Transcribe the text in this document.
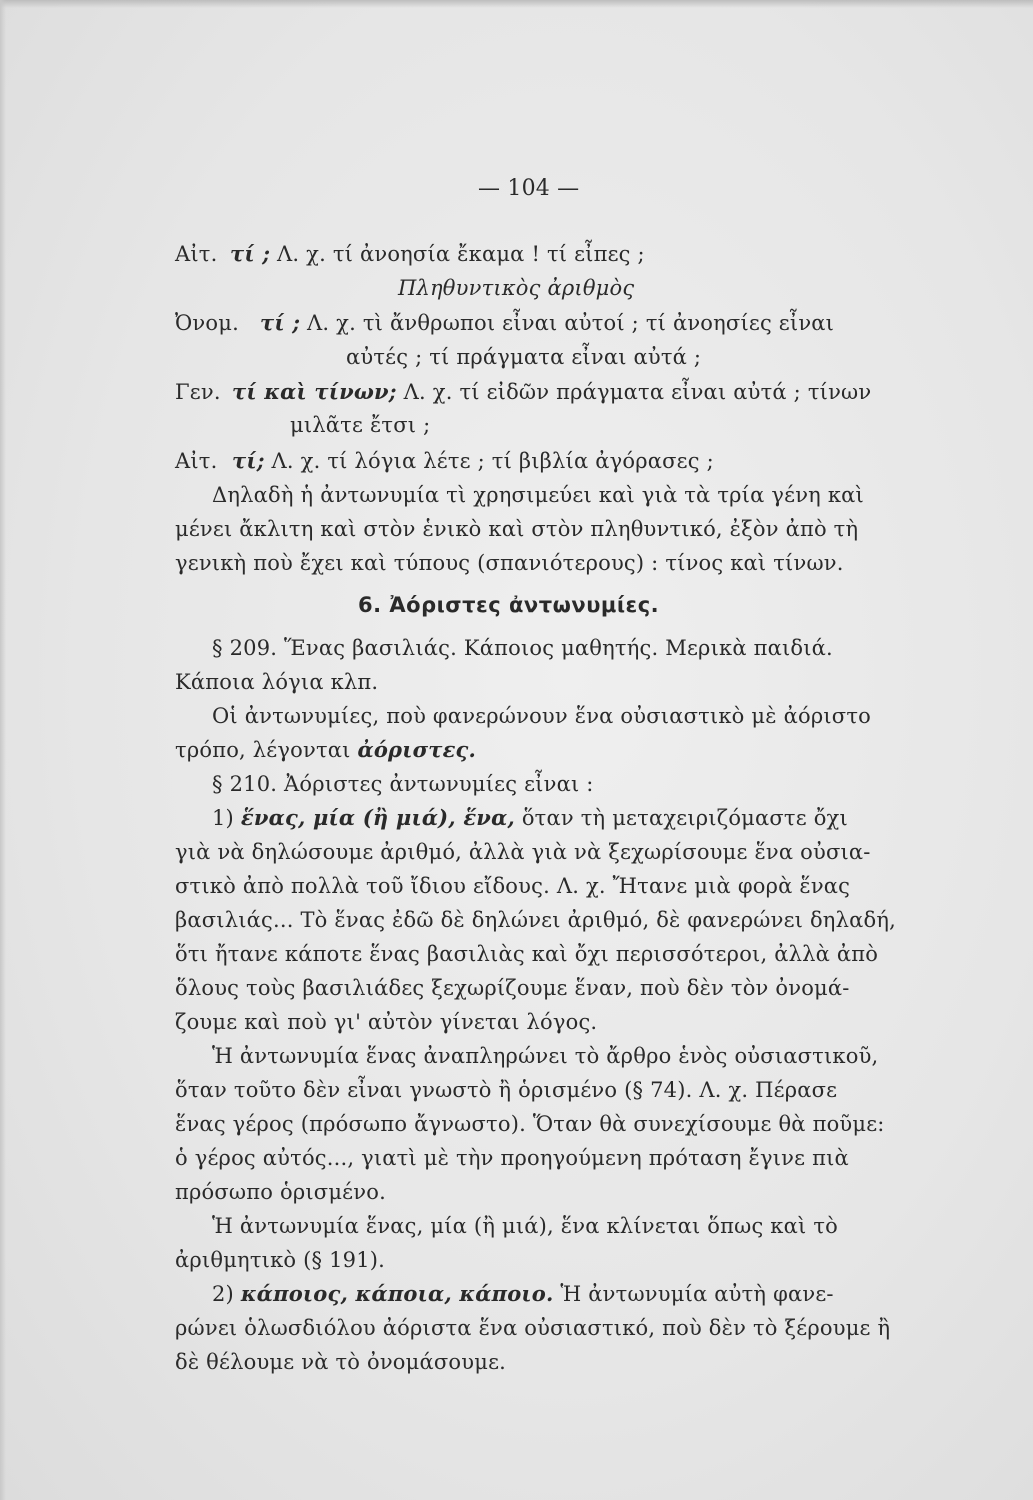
— 104 —
Αἰτ. τί ; Λ. χ. τί ἀνοησία ἔκαμα ! τί εἶπες ;
Πληθυντικὸς ἀριθμὸς
Ὀνομ. τί ; Λ. χ. τὶ ἄνθρωποι εἶναι αὐτοί ; τί ἀνοησίες εἶναι
αὐτές ; τί πράγματα εἶναι αὐτά ;
Γεν. τί καὶ τίνων; Λ. χ. τί εἰδῶν πράγματα εἶναι αὐτά ; τίνων
μιλᾶτε ἔτσι ;
Αἰτ. τί; Λ. χ. τί λόγια λέτε ; τί βιβλία ἀγόρασες ;
Δηλαδὴ ἡ ἀντωνυμία τὶ χρησιμεύει καὶ γιὰ τὰ τρία γένη καὶ
μένει ἄκλιτη καὶ στὸν ἑνικὸ καὶ στὸν πληθυντικό, ἐξὸν ἀπὸ τὴ
γενικὴ ποὺ ἔχει καὶ τύπους (σπανιότερους) : τίνος καὶ τίνων.
6. Ἀόριστες ἀντωνυμίες.
§ 209. Ἕνας βασιλιάς. Κάποιος μαθητής. Μερικὰ παιδιά.
Κάποια λόγια κλπ.
Οἱ ἀντωνυμίες, ποὺ φανερώνουν ἕνα οὐσιαστικὸ μὲ ἀόριστο
τρόπο, λέγονται ἀόριστες.
§ 210. Ἀόριστες ἀντωνυμίες εἶναι :
1) ἕνας, μία (ἢ μιά), ἕνα, ὅταν τὴ μεταχειριζόμαστε ὄχι
γιὰ νὰ δηλώσουμε ἀριθμό, ἀλλὰ γιὰ νὰ ξεχωρίσουμε ἕνα οὐσια-
στικὸ ἀπὸ πολλὰ τοῦ ἴδιου εἴδους. Λ. χ. Ἤτανε μιὰ φορὰ ἕνας
βασιλιάς... Τὸ ἕνας ἐδῶ δὲ δηλώνει ἀριθμό, δὲ φανερώνει δηλαδή,
ὅτι ἤτανε κάποτε ἕνας βασιλιὰς καὶ ὄχι περισσότεροι, ἀλλὰ ἀπὸ
ὅλους τοὺς βασιλιάδες ξεχωρίζουμε ἕναν, ποὺ δὲν τὸν ὀνομά-
ζουμε καὶ ποὺ γι' αὐτὸν γίνεται λόγος.
Ἡ ἀντωνυμία ἕνας ἀναπληρώνει τὸ ἄρθρο ἑνὸς οὐσιαστικοῦ,
ὅταν τοῦτο δὲν εἶναι γνωστὸ ἢ ὁρισμένο (§ 74). Λ. χ. Πέρασε
ἕνας γέρος (πρόσωπο ἄγνωστο). Ὅταν θὰ συνεχίσουμε θὰ ποῦμε:
ὁ γέρος αὐτός..., γιατὶ μὲ τὴν προηγούμενη πρόταση ἔγινε πιὰ
πρόσωπο ὁρισμένο.
Ἡ ἀντωνυμία ἕνας, μία (ἢ μιά), ἕνα κλίνεται ὅπως καὶ τὸ
ἀριθμητικὸ (§ 191).
2) κάποιος, κάποια, κάποιο. Ἡ ἀντωνυμία αὐτὴ φανε-
ρώνει ὁλωσδιόλου ἀόριστα ἕνα οὐσιαστικό, ποὺ δὲν τὸ ξέρουμε ἢ
δὲ θέλουμε νὰ τὸ ὀνομάσουμε.
